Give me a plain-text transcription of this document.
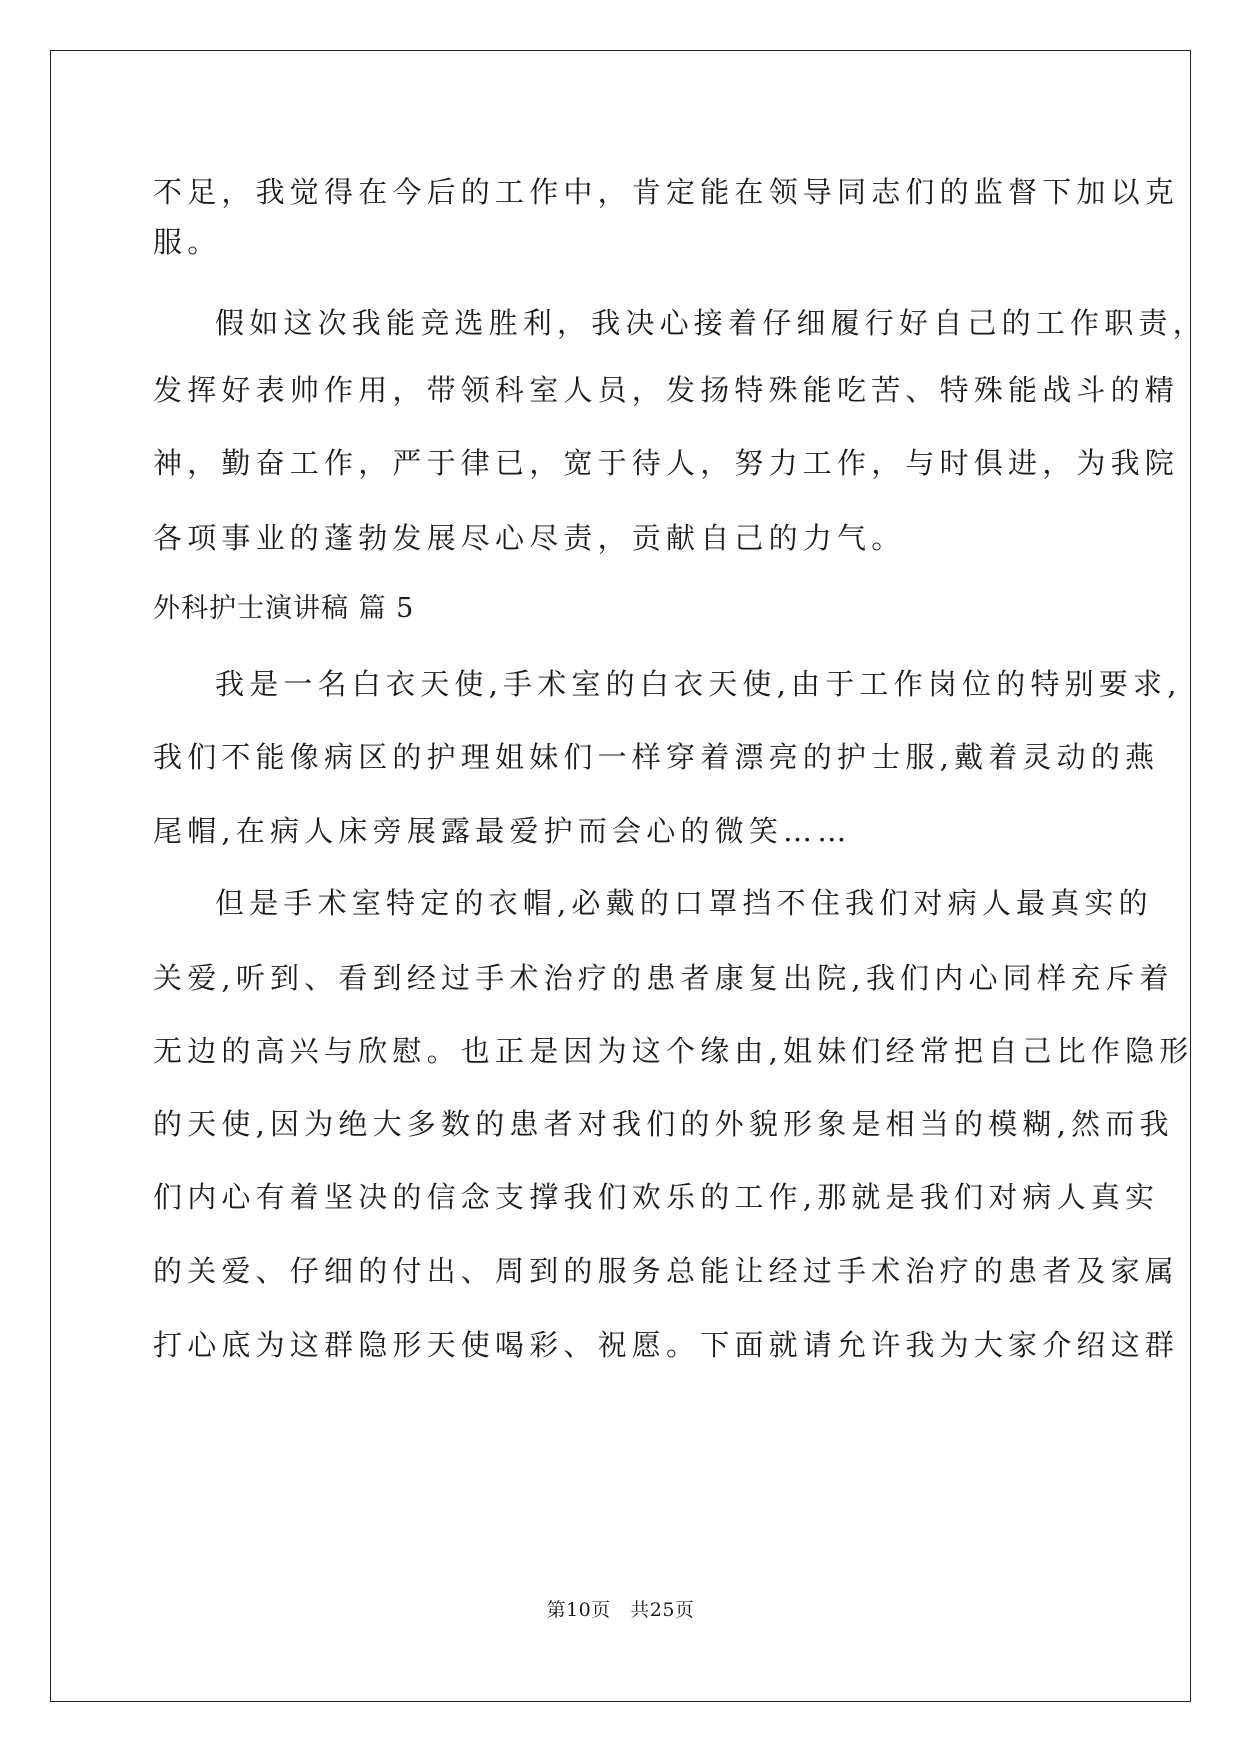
不足，我觉得在今后的工作中，肯定能在领导同志们的监督下加以克
服。
假如这次我能竞选胜利，我决心接着仔细履行好自己的工作职责，
发挥好表帅作用，带领科室人员，发扬特殊能吃苦、特殊能战斗的精
神，勤奋工作，严于律已，宽于待人，努力工作，与时俱进，为我院
各项事业的蓬勃发展尽心尽责，贡献自己的力气。
外科护士演讲稿 篇 5
我是一名白衣天使,手术室的白衣天使,由于工作岗位的特别要求,
我们不能像病区的护理姐妹们一样穿着漂亮的护士服,戴着灵动的燕
尾帽,在病人床旁展露最爱护而会心的微笑……
但是手术室特定的衣帽,必戴的口罩挡不住我们对病人最真实的
关爱,听到、看到经过手术治疗的患者康复出院,我们内心同样充斥着
无边的高兴与欣慰。也正是因为这个缘由,姐妹们经常把自己比作隐形
的天使,因为绝大多数的患者对我们的外貌形象是相当的模糊,然而我
们内心有着坚决的信念支撑我们欢乐的工作,那就是我们对病人真实
的关爱、仔细的付出、周到的服务总能让经过手术治疗的患者及家属
打心底为这群隐形天使喝彩、祝愿。下面就请允许我为大家介绍这群
第10页　共25页
